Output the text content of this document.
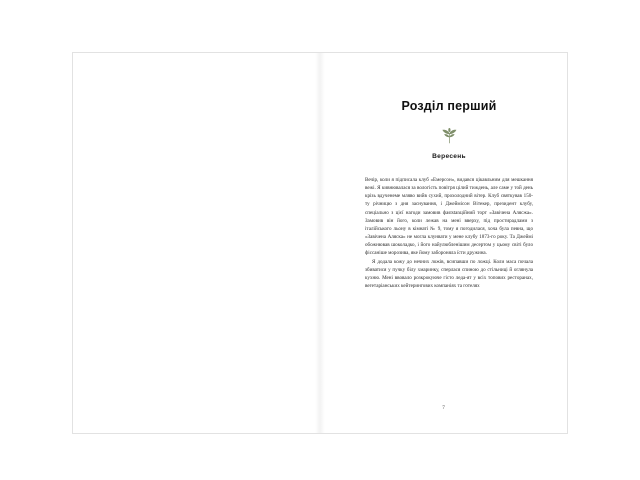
Розділ перший
Вересень

Вечір, коли я підписала клуб «Емерсон», видався цікавльним для мешкання вежі. Я кивнювалася за вологість повітря цілий тиждень, але саме у той день крізь вдученеме мляво вийв сухий, прохолодний вітер. Клуб святкував 150-ту річницю з дня заснування, і Джеймісон Вітекер, президент клубу, спеціально з цієї нагоди замовив фаststanційний торт «Завічена Алясжа». Замовив він його, коли лежав на мені вверху, під простирадлами з італійського льону в кімнаті № 9, тому я погодилася, хоча була певна, що «Завічена Аляска» не могла клунвати у мене клубу 1873-го року. Та Джеймі обожнював шоколадко, і його найулюбленішим десертом у цьому світі було фіссаніше морозива, яке йому забороняла їсти дружина.

Я додала кожу до нечних ложів, всипавши по ложці. Коли маса почала збиватися у пучку білу хмаринку, сперлася спиною до стільниці й оглянула кухню. Мені ввовало розкрокуюче гісто леда-ят у всіх топових ресторанах, вегетаріанських кейтерингових компаніях та готелях

7
